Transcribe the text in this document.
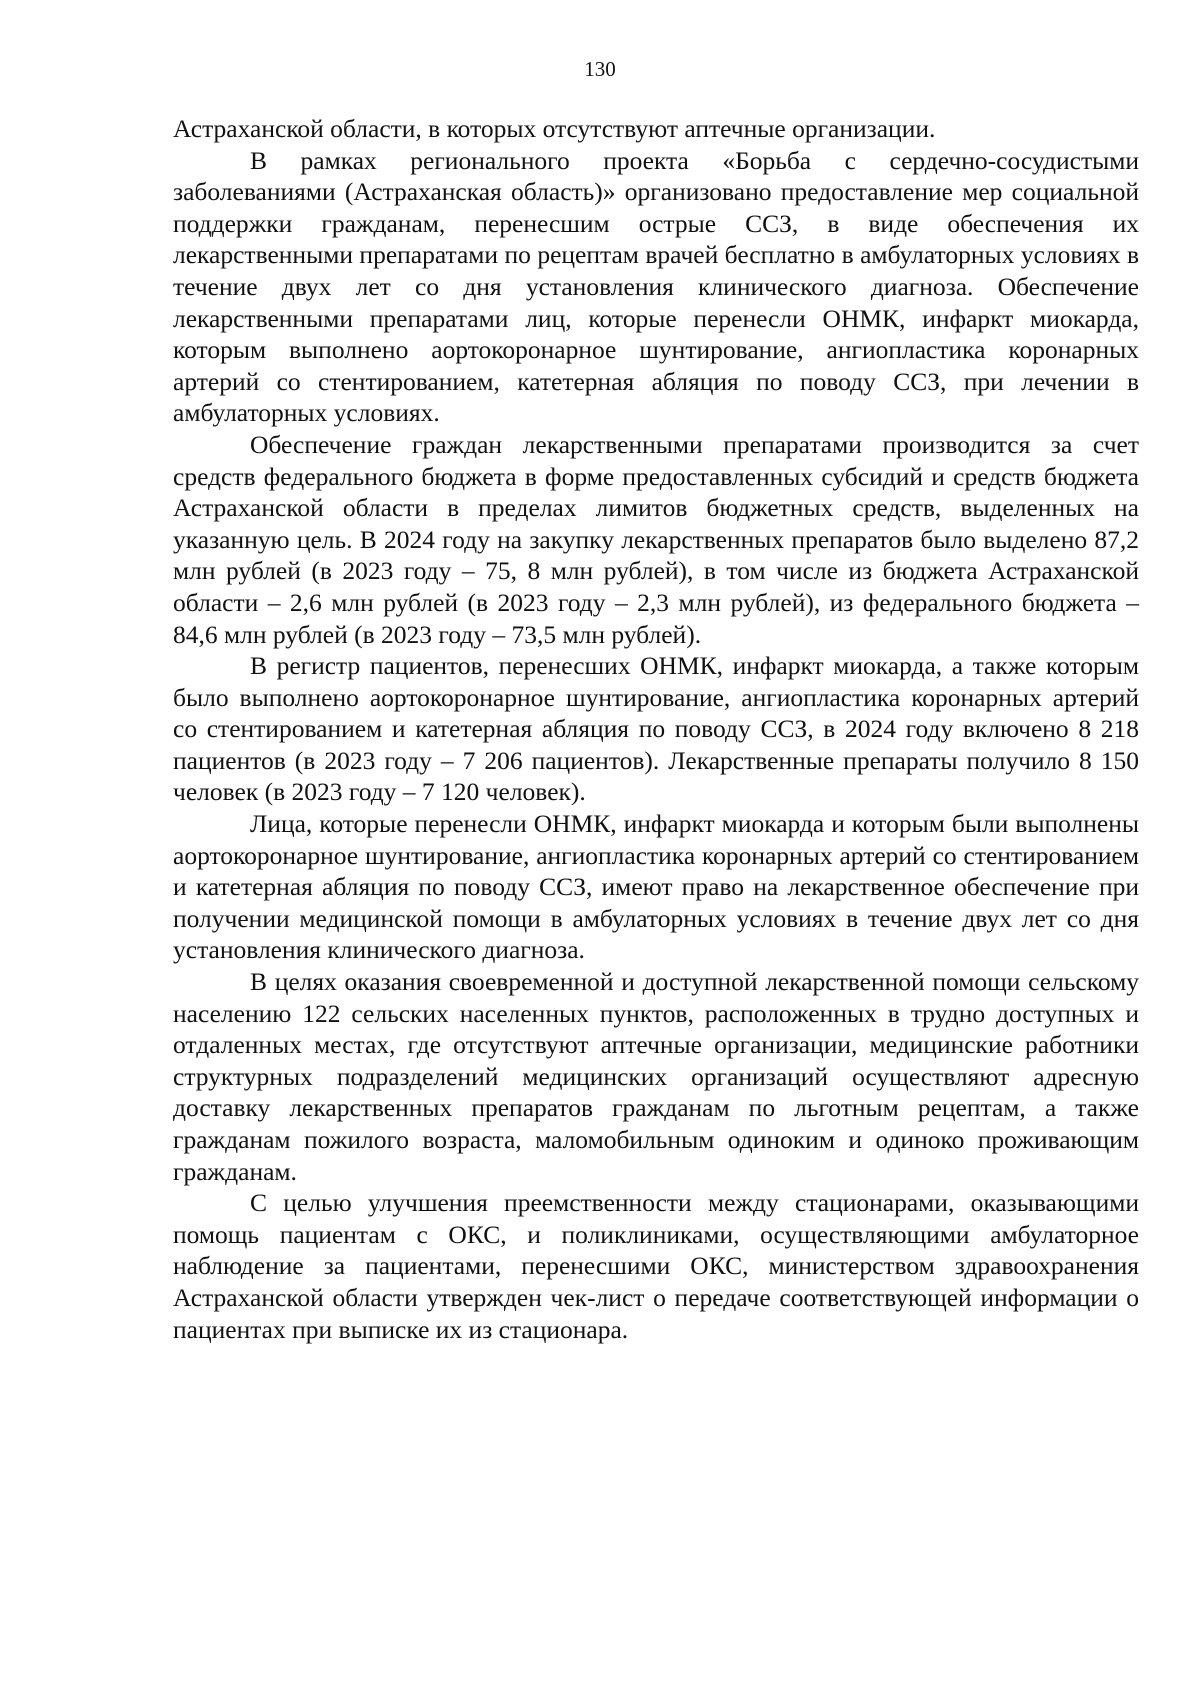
130

Астраханской области, в которых отсутствуют аптечные организации.

В рамках регионального проекта «Борьба с сердечно-сосудистыми заболеваниями (Астраханская область)» организовано предоставление мер социальной поддержки гражданам, перенесшим острые ССЗ, в виде обеспечения их лекарственными препаратами по рецептам врачей бесплатно в амбулаторных условиях в течение двух лет со дня установления клинического диагноза. Обеспечение лекарственными препаратами лиц, которые перенесли ОНМК, инфаркт миокарда, которым выполнено аортокоронарное шунтирование, ангиопластика коронарных артерий со стентированием, катетерная абляция по поводу ССЗ, при лечении в амбулаторных условиях.

Обеспечение граждан лекарственными препаратами производится за счет средств федерального бюджета в форме предоставленных субсидий и средств бюджета Астраханской области в пределах лимитов бюджетных средств, выделенных на указанную цель. В 2024 году на закупку лекарственных препаратов было выделено 87,2 млн рублей (в 2023 году – 75, 8 млн рублей), в том числе из бюджета Астраханской области – 2,6 млн рублей (в 2023 году – 2,3 млн рублей), из федерального бюджета – 84,6 млн рублей (в 2023 году – 73,5 млн рублей).

В регистр пациентов, перенесших ОНМК, инфаркт миокарда, а также которым было выполнено аортокоронарное шунтирование, ангиопластика коронарных артерий со стентированием и катетерная абляция по поводу ССЗ, в 2024 году включено 8 218 пациентов (в 2023 году – 7 206 пациентов). Лекарственные препараты получило 8 150 человек (в 2023 году – 7 120 человек).

Лица, которые перенесли ОНМК, инфаркт миокарда и которым были выполнены аортокоронарное шунтирование, ангиопластика коронарных артерий со стентированием и катетерная абляция по поводу ССЗ, имеют право на лекарственное обеспечение при получении медицинской помощи в амбулаторных условиях в течение двух лет со дня установления клинического диагноза.

В целях оказания своевременной и доступной лекарственной помощи сельскому населению 122 сельских населенных пунктов, расположенных в трудно доступных и отдаленных местах, где отсутствуют аптечные организации, медицинские работники структурных подразделений медицинских организаций осуществляют адресную доставку лекарственных препаратов гражданам по льготным рецептам, а также гражданам пожилого возраста, маломобильным одиноким и одиноко проживающим гражданам.

С целью улучшения преемственности между стационарами, оказывающими помощь пациентам с ОКС, и поликлиниками, осуществляющими амбулаторное наблюдение за пациентами, перенесшими ОКС, министерством здравоохранения Астраханской области утвержден чек-лист о передаче соответствующей информации о пациентах при выписке их из стационара.
